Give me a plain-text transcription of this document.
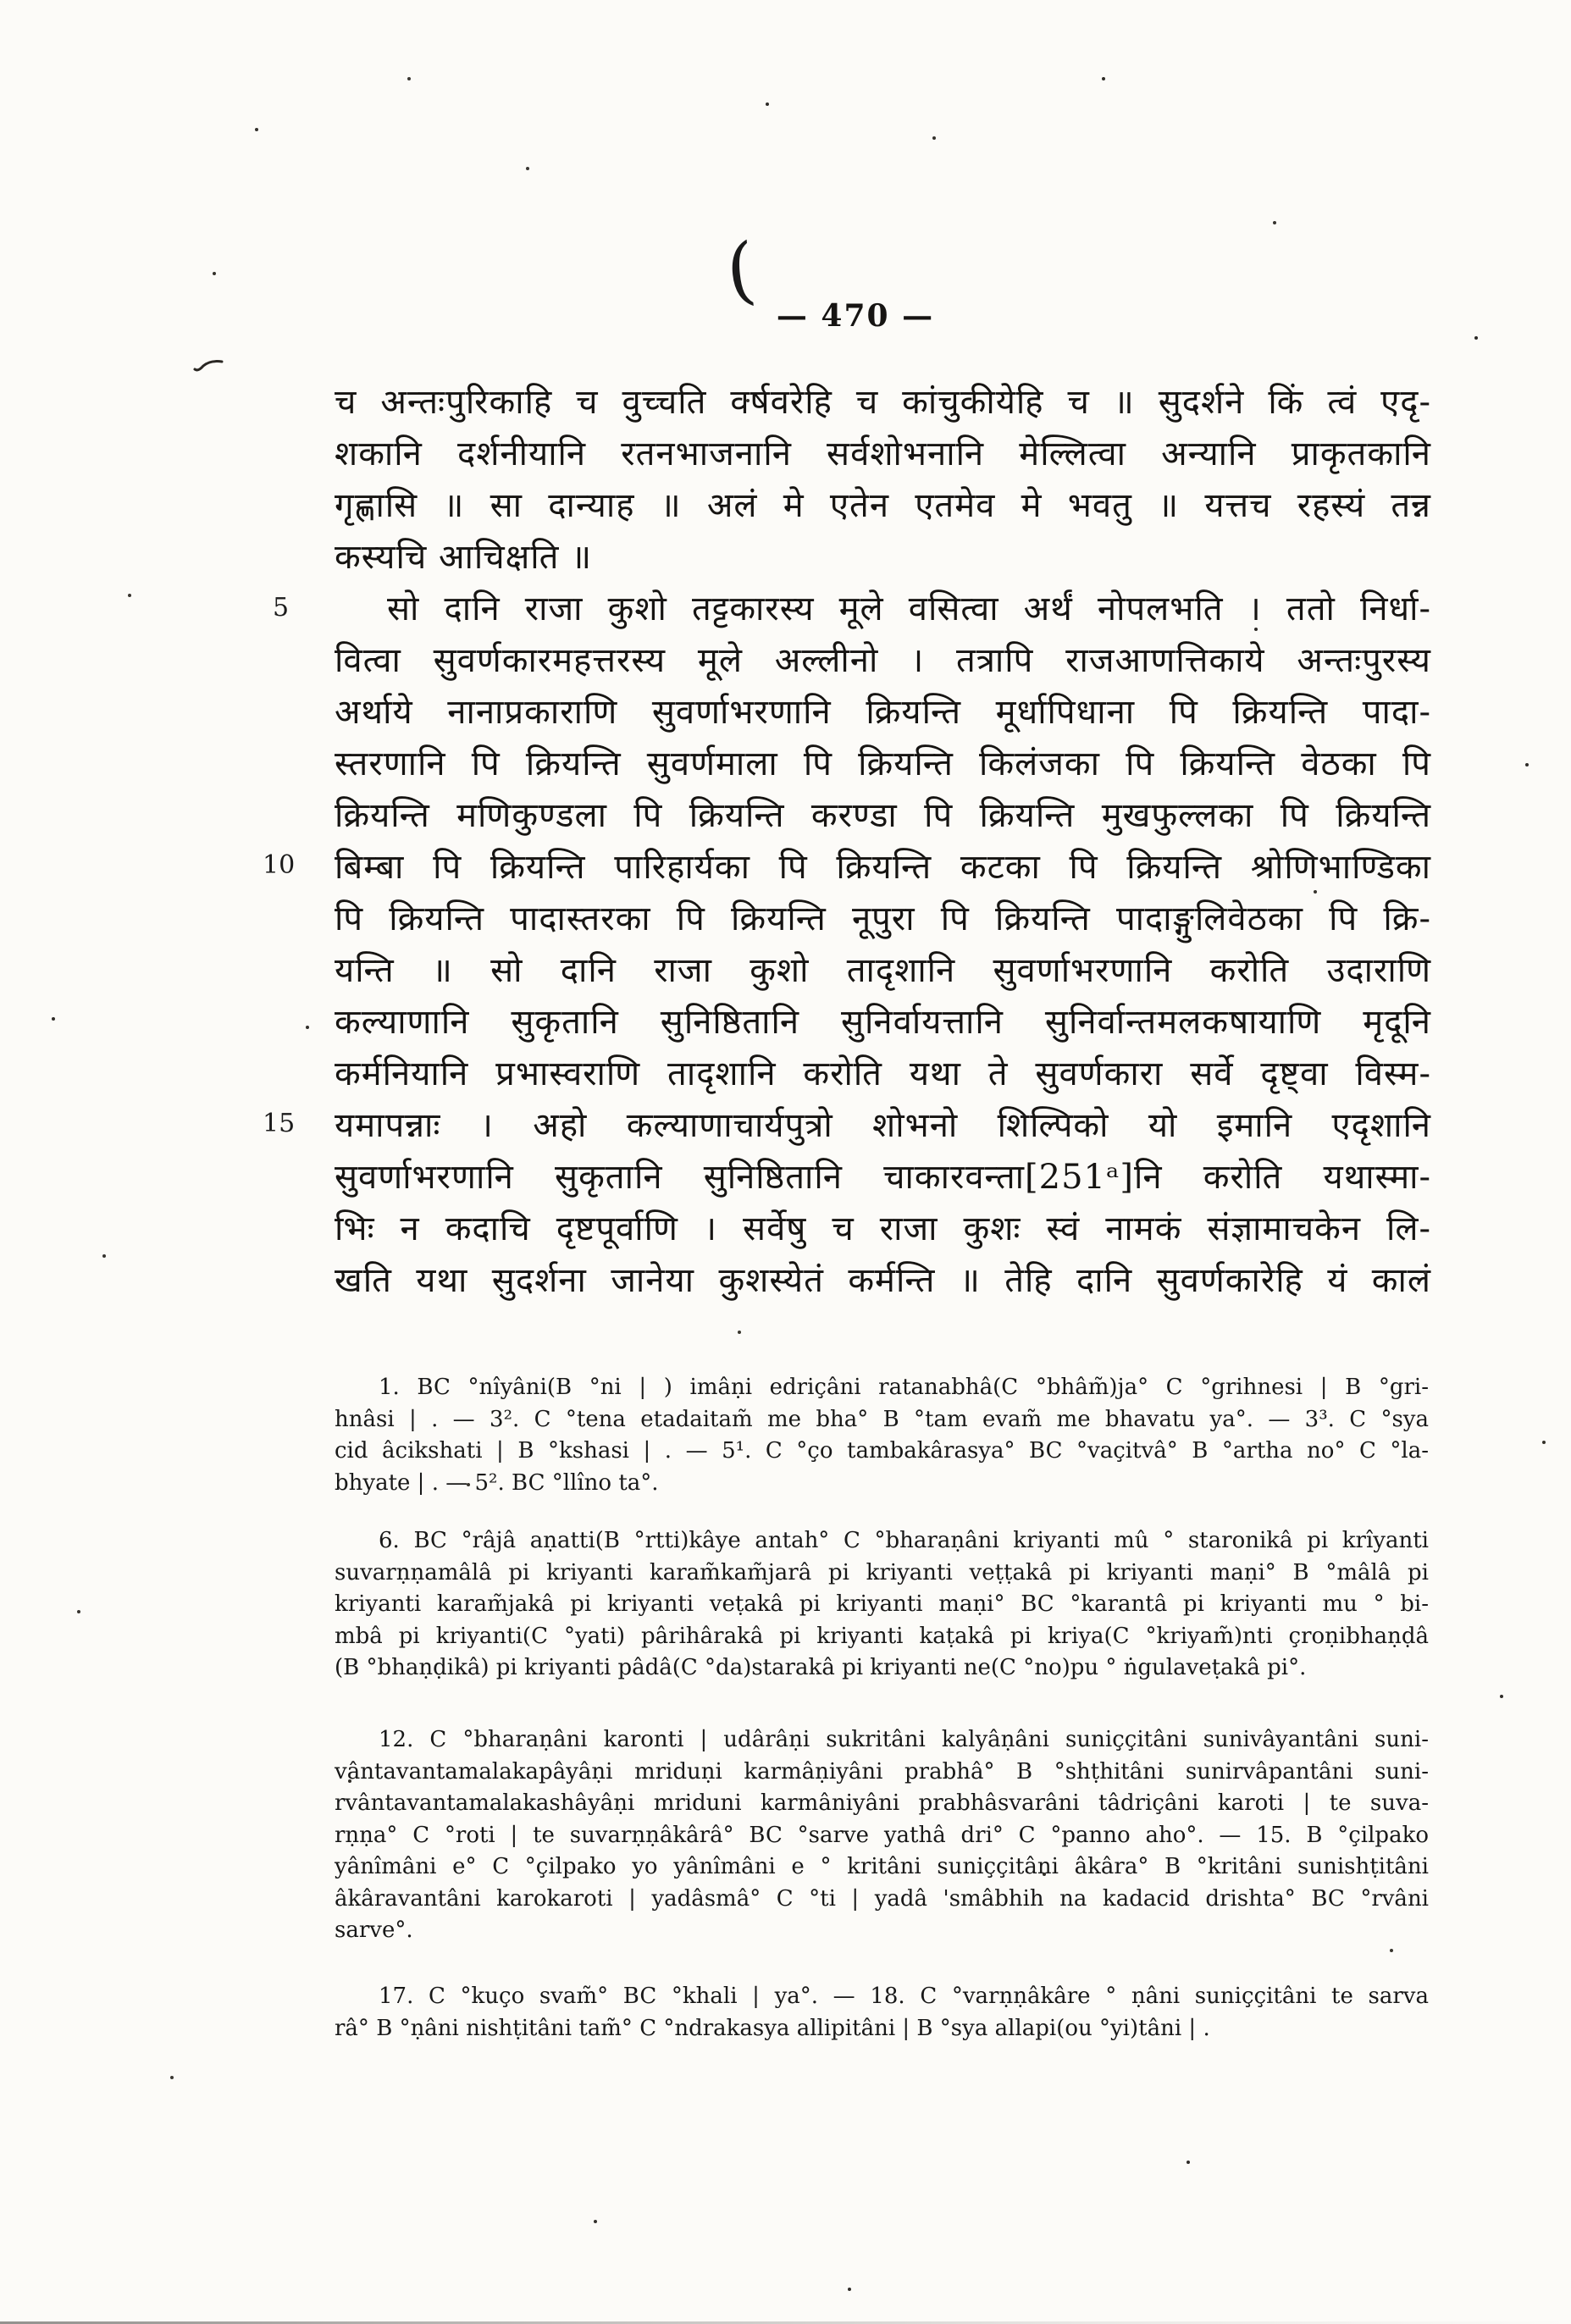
(
— 470 —
5
10
15
च अन्तःपुरिकाहि च वुच्चति वर्षवरेहि च कांचुकीयेहि च ॥ सुदर्शने किं त्वं एदृ-
शकानि दर्शनीयानि रतनभाजनानि सर्वशोभनानि मेल्लित्वा अन्यानि प्राकृतकानि
गृह्णासि ॥ सा दान्याह ॥ अलं मे एतेन एतमेव मे भवतु ॥ यत्तच रहस्यं तन्न
कस्यचि आचिक्षति ॥
सो दानि राजा कुशो तट्टकारस्य मूले वसित्वा अर्थं नोपलभति । ततो निर्धा-
वित्वा सुवर्णकारमहत्तरस्य मूले अल्लीनो । तत्रापि राजआणत्तिकाये अन्तःपुरस्य
अर्थाये नानाप्रकाराणि सुवर्णाभरणानि क्रियन्ति मूर्धापिधाना पि क्रियन्ति पादा-
स्तरणानि पि क्रियन्ति सुवर्णमाला पि क्रियन्ति किलंजका पि क्रियन्ति वेठका पि
क्रियन्ति मणिकुण्डला पि क्रियन्ति करण्डा पि क्रियन्ति मुखफुल्लका पि क्रियन्ति
बिम्बा पि क्रियन्ति पारिहार्यका पि क्रियन्ति कटका पि क्रियन्ति श्रोणिभाण्डिका
पि क्रियन्ति पादास्तरका पि क्रियन्ति नूपुरा पि क्रियन्ति पादाङ्गुलिवेठका पि क्रि-
यन्ति ॥ सो दानि राजा कुशो तादृशानि सुवर्णाभरणानि करोति उदाराणि
कल्याणानि सुकृतानि सुनिष्ठितानि सुनिर्वायत्तानि सुनिर्वान्तमलकषायाणि मृदूनि
कर्मनियानि प्रभास्वराणि तादृशानि करोति यथा ते सुवर्णकारा सर्वे दृष्ट्वा विस्म-
यमापन्नाः । अहो कल्याणाचार्यपुत्रो शोभनो शिल्पिको यो इमानि एदृशानि
सुवर्णाभरणानि सुकृतानि सुनिष्ठितानि चाकारवन्ता[251ᵃ]नि करोति यथास्मा-
भिः न कदाचि दृष्टपूर्वाणि । सर्वेषु च राजा कुशः स्वं नामकं संज्ञामाचकेन लि-
खति यथा सुदर्शना जानेया कुशस्येतं कर्मन्ति ॥ तेहि दानि सुवर्णकारेहि यं कालं
1. BC °nîyâni(B °ni | ) imâṇi edriçâni ratanabhâ(C °bhâm̃)ja° C °grihnesi | B °gri-
hnâsi | . — 3². C °tena etadaitam̃ me bha° B °tam evam̃ me bhavatu ya°. — 3³. C °sya
cid âcikshati | B °kshasi | . — 5¹. C °ço tambakârasya° BC °vaçitvâ° B °artha no° C °la-
bhyate | . — 5². BC °llîno ta°.
6. BC °râjâ aṇatti(B °rtti)kâye antah° C °bharaṇâni kriyanti mû ° staronikâ pi krîyanti
suvarṇṇamâlâ pi kriyanti karam̃kam̃jarâ pi kriyanti veṭṭakâ pi kriyanti maṇi° B °mâlâ pi
kriyanti karam̃jakâ pi kriyanti veṭakâ pi kriyanti maṇi° BC °karantâ pi kriyanti mu ° bi-
mbâ pi kriyanti(C °yati) pârihârakâ pi kriyanti kaṭakâ pi kriya(C °kriyam̃)nti çroṇibhaṇḍâ
(B °bhaṇḍikâ) pi kriyanti pâdâ(C °da)starakâ pi kriyanti ne(C °no)pu ° ṅgulaveṭakâ pi°.
12. C °bharaṇâni karonti | udârâṇi sukritâni kalyâṇâni suniççitâni sunivâyantâni suni-
vântavantamalakapâyâṇi mriduṇi karmâṇiyâni prabhâ° B °shṭhitâni sunirvâpantâni suni-
rvântavantamalakashâyâṇi mriduni karmâniyâni prabhâsvarâni tâdriçâni karoti | te suva-
rṇṇa° C °roti | te suvarṇṇâkârâ° BC °sarve yathâ dri° C °panno aho°. — 15. B °çilpako
yânîmâni e° C °çilpako yo yânîmâni e ° kritâni suniççitâni âkâra° B °kritâni sunishṭitâni
âkâravantâni karokaroti | yadâsmâ° C °ti | yadâ 'smâbhih na kadacid drishta° BC °rvâni
sarve°.
17. C °kuço svam̃° BC °khali | ya°. — 18. C °varṇṇâkâre ° ṇâni suniççitâni te sarva
râ° B °ṇâni nishṭitâni tam̃° C °ndrakasya allipitâni | B °sya allapi(ou °yi)tâni | .
